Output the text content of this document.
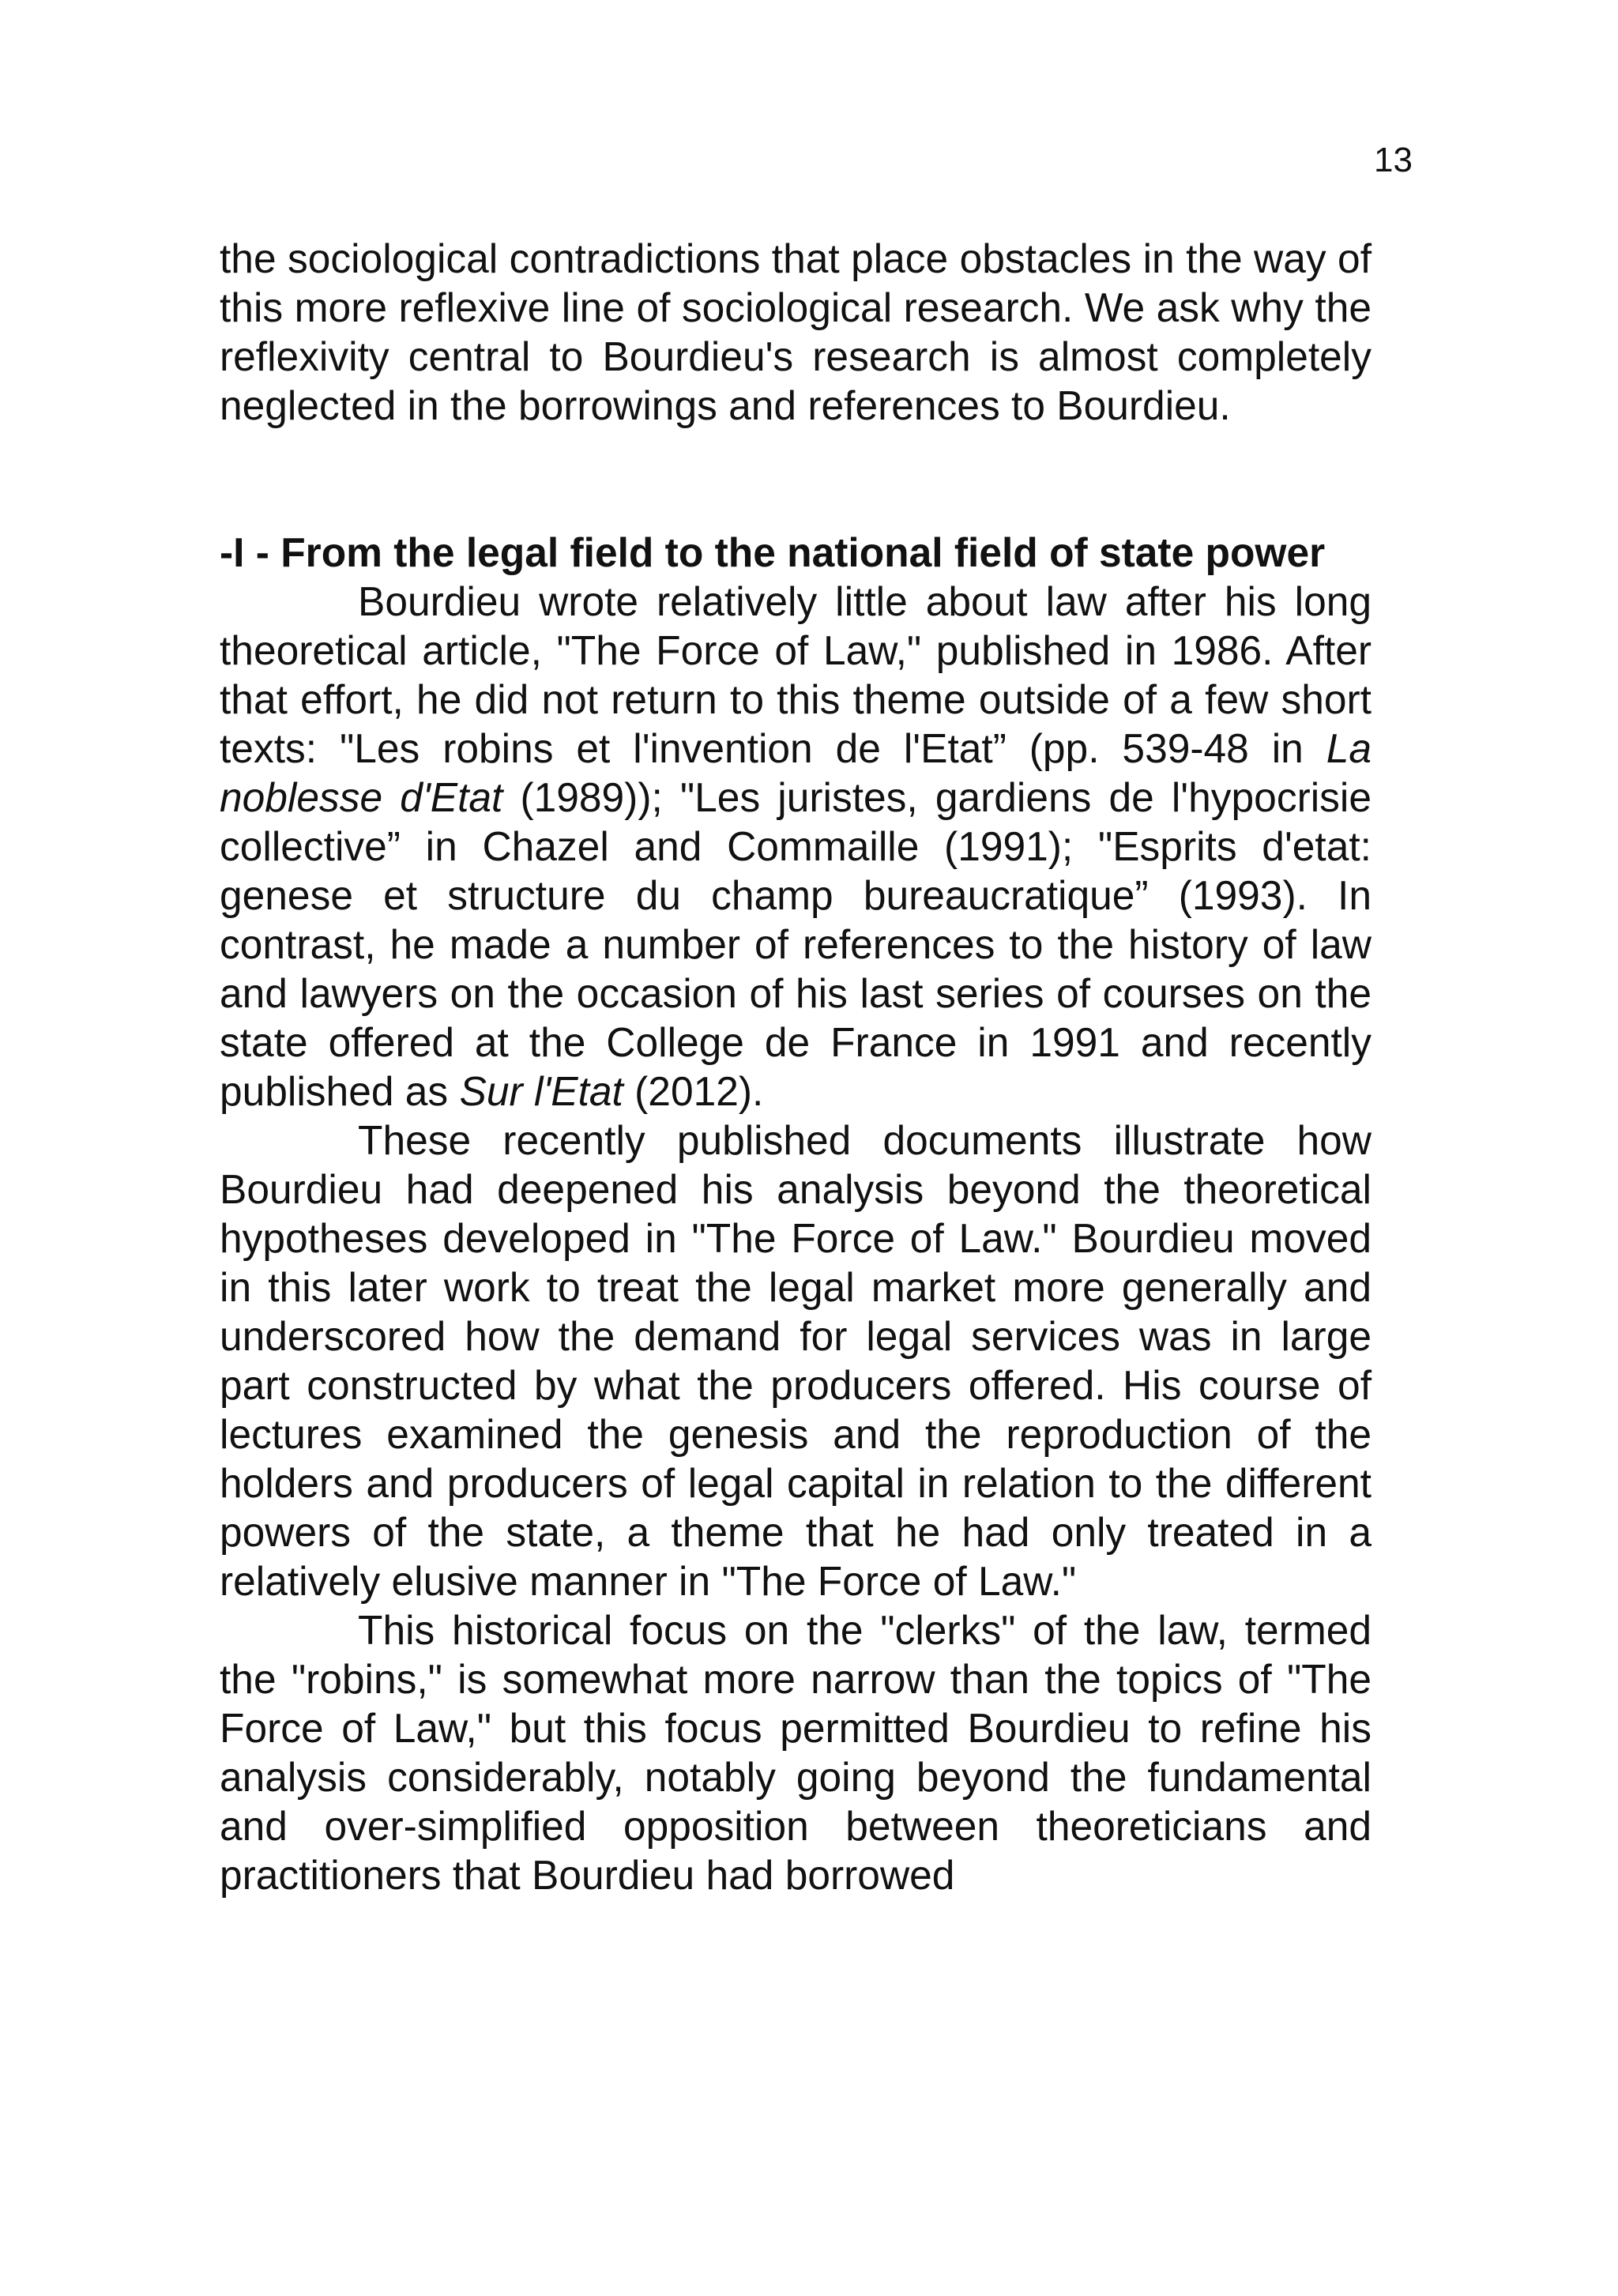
13

the sociological contradictions that place obstacles in the way of this more reflexive line of sociological research. We ask why the reflexivity central to Bourdieu's research is almost completely neglected in the borrowings and references to Bourdieu.

-I - From the legal field to the national field of state power

Bourdieu wrote relatively little about law after his long theoretical article, "The Force of Law," published in 1986. After that effort, he did not return to this theme outside of a few short texts: "Les robins et l'invention de l'Etat” (pp. 539-48 in La noblesse d'Etat (1989)); "Les juristes, gardiens de l'hypocrisie collective” in Chazel and Commaille (1991); "Esprits d'etat: genese et structure du champ bureaucratique” (1993). In contrast, he made a number of references to the history of law and lawyers on the occasion of his last series of courses on the state offered at the College de France in 1991 and recently published as Sur l'Etat (2012).

These recently published documents illustrate how Bourdieu had deepened his analysis beyond the theoretical hypotheses developed in "The Force of Law." Bourdieu moved in this later work to treat the legal market more generally and underscored how the demand for legal services was in large part constructed by what the producers offered. His course of lectures examined the genesis and the reproduction of the holders and producers of legal capital in relation to the different powers of the state, a theme that he had only treated in a relatively elusive manner in "The Force of Law."

This historical focus on the "clerks" of the law, termed the "robins," is somewhat more narrow than the topics of "The Force of Law," but this focus permitted Bourdieu to refine his analysis considerably, notably going beyond the fundamental and over-simplified opposition between theoreticians and practitioners that Bourdieu had borrowed
